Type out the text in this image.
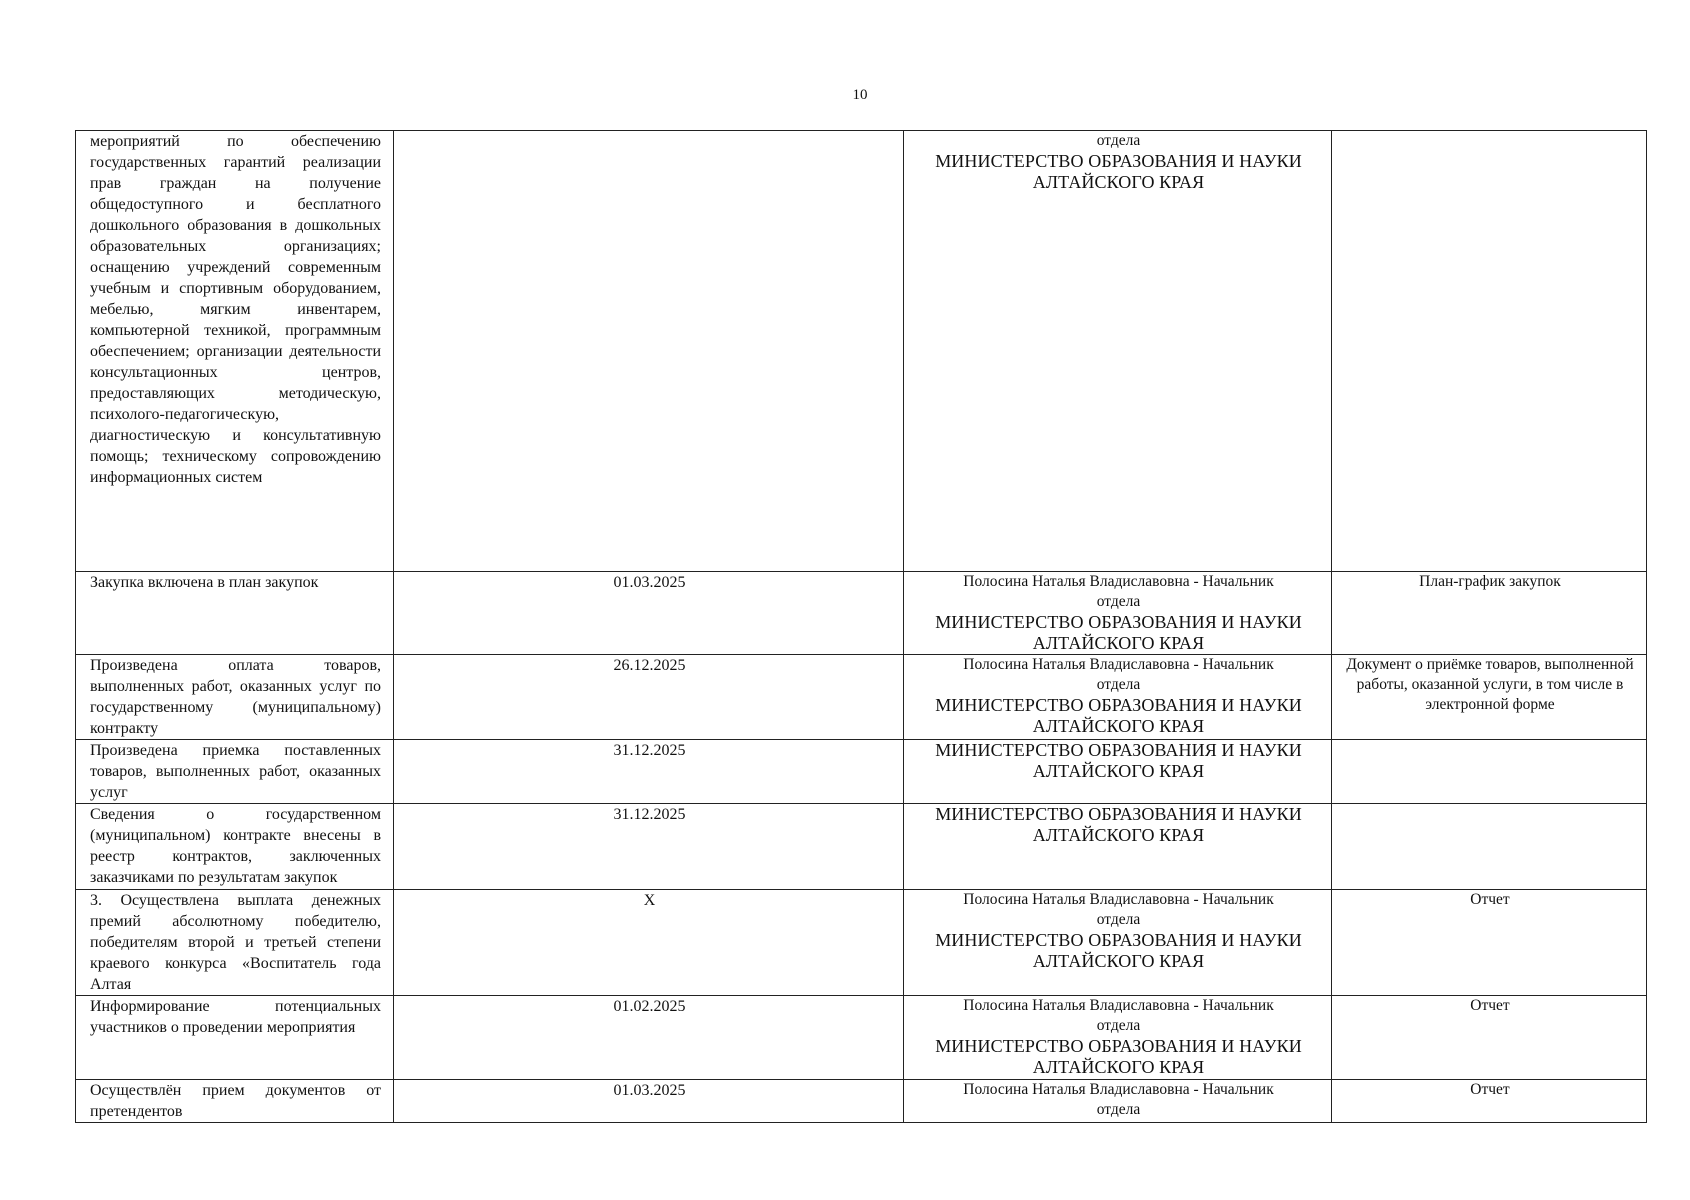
10
мероприятий по обеспечению государственных гарантий реализации прав граждан на получение общедоступного и бесплатного дошкольного образования в дошкольных образовательных организациях; оснащению учреждений современным учебным и спортивным оборудованием, мебелью, мягким инвентарем, компьютерной техникой, программным обеспечением; организации деятельности консультационных центров, предоставляющих методическую, психолого-педагогическую, диагностическую и консультативную помощь; техническому сопровождению информационных систем		отдела
МИНИСТЕРСТВО ОБРАЗОВАНИЯ И НАУКИ АЛТАЙСКОГО КРАЯ	

Закупка включена в план закупок	01.03.2025	Полосина Наталья Владиславовна - Начальник
отдела
МИНИСТЕРСТВО ОБРАЗОВАНИЯ И НАУКИ АЛТАЙСКОГО КРАЯ	План-график закупок
Произведена оплата товаров, выполненных работ, оказанных услуг по государственному (муниципальному) контракту	26.12.2025	Полосина Наталья Владиславовна - Начальник
отдела
МИНИСТЕРСТВО ОБРАЗОВАНИЯ И НАУКИ АЛТАЙСКОГО КРАЯ	Документ о приёмке товаров, выполненной работы, оказанной услуги, в том числе в электронной форме
Произведена приемка поставленных товаров, выполненных работ, оказанных услуг	31.12.2025	МИНИСТЕРСТВО ОБРАЗОВАНИЯ И НАУКИ АЛТАЙСКОГО КРАЯ	

Сведения о государственном (муниципальном) контракте внесены в реестр контрактов, заключенных заказчиками по результатам закупок	31.12.2025	МИНИСТЕРСТВО ОБРАЗОВАНИЯ И НАУКИ АЛТАЙСКОГО КРАЯ	

3. Осуществлена выплата денежных премий абсолютному победителю, победителям второй и третьей степени краевого конкурса «Воспитатель года Алтая	X	Полосина Наталья Владиславовна - Начальник
отдела
МИНИСТЕРСТВО ОБРАЗОВАНИЯ И НАУКИ АЛТАЙСКОГО КРАЯ	Отчет
Информирование потенциальных участников о проведении мероприятия	01.02.2025	Полосина Наталья Владиславовна - Начальник
отдела
МИНИСТЕРСТВО ОБРАЗОВАНИЯ И НАУКИ АЛТАЙСКОГО КРАЯ	Отчет
Осуществлён прием документов от претендентов	01.03.2025	Полосина Наталья Владиславовна - Начальник
отдела	Отчет
